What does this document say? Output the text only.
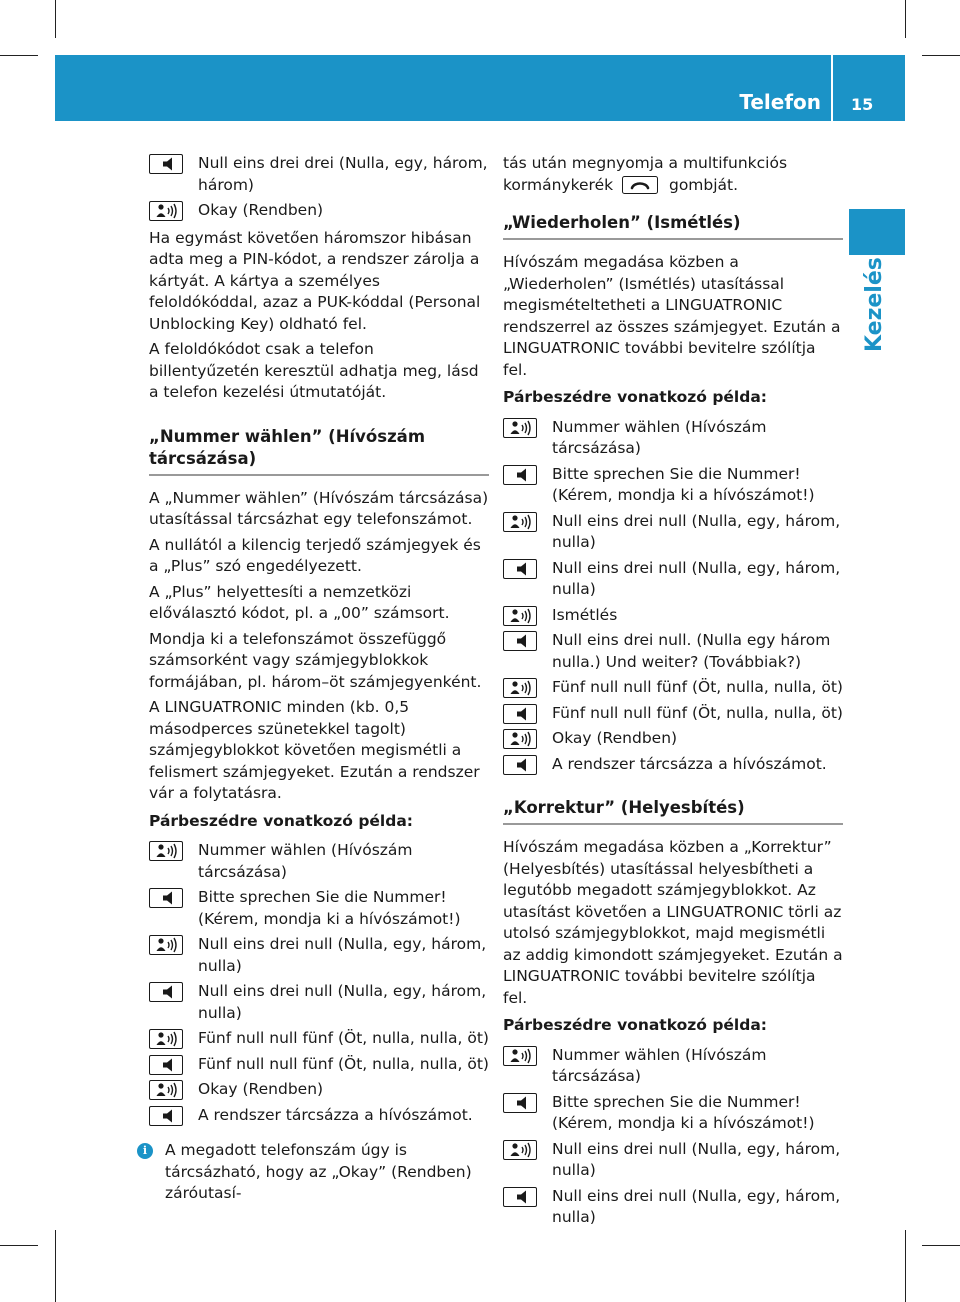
Telefon 15
Kezelés
Null eins drei drei (Nulla, egy, három, három)
Okay (Rendben)

Ha egymást követően háromszor hibásan adta meg a PIN-kódot, a rendszer zárolja a kártyát. A kártya a személyes feloldókóddal, azaz a PUK-kóddal (Personal Unblocking Key) oldható fel.

A feloldókódot csak a telefon billentyűzetén keresztül adhatja meg, lásd a telefon kezelési útmutatóját.

„Nummer wählen” (Hívószám tárcsázása)

A „Nummer wählen” (Hívószám tárcsázása) utasítással tárcsázhat egy telefonszámot.

A nullától a kilencig terjedő számjegyek és a „Plus” szó engedélyezett.

A „Plus” helyettesíti a nemzetközi előválasztó kódot, pl. a „00” számsort.

Mondja ki a telefonszámot összefüggő számsorként vagy számjegyblokkok formájában, pl. három–öt számjegyenként.

A LINGUATRONIC minden (kb. 0,5 másodperces szünetekkel tagolt) számjegyblokkot követően megismétli a felismert számjegyeket. Ezután a rendszer vár a folytatásra.

Párbeszédre vonatkozó példa:
Nummer wählen (Hívószám tárcsázása)
Bitte sprechen Sie die Nummer! (Kérem, mondja ki a hívószámot!)
Null eins drei null (Nulla, egy, három, nulla)
Null eins drei null (Nulla, egy, három, nulla)
Fünf null null fünf (Öt, nulla, nulla, öt)
Fünf null null fünf (Öt, nulla, nulla, öt)
Okay (Rendben)
A rendszer tárcsázza a hívószámot.
i	A megadott telefonszám úgy is tárcsázható, hogy az „Okay” (Rendben) záróutasí-

tás után megnyomja a multifunkciós kormánykerék	gombját.

„Wiederholen” (Ismétlés)

Hívószám megadása közben a „Wiederholen” (Ismétlés) utasítással megismételtetheti a LINGUATRONIC rendszerrel az összes számjegyet. Ezután a LINGUATRONIC további bevitelre szólítja fel.

Párbeszédre vonatkozó példa:
Nummer wählen (Hívószám tárcsázása)
Bitte sprechen Sie die Nummer! (Kérem, mondja ki a hívószámot!)
Null eins drei null (Nulla, egy, három, nulla)
Null eins drei null (Nulla, egy, három, nulla)
Ismétlés
Null eins drei null. (Nulla egy három nulla.) Und weiter? (Továbbiak?)
Fünf null null fünf (Öt, nulla, nulla, öt)
Fünf null null fünf (Öt, nulla, nulla, öt)
Okay (Rendben)
A rendszer tárcsázza a hívószámot.
„Korrektur” (Helyesbítés)

Hívószám megadása közben a „Korrektur” (Helyesbítés) utasítással helyesbítheti a legutóbb megadott számjegyblokkot. Az utasítást követően a LINGUATRONIC törli az utolsó számjegyblokkot, majd megismétli az addig kimondott számjegyeket. Ezután a LINGUATRONIC további bevitelre szólítja fel.

Párbeszédre vonatkozó példa:
Nummer wählen (Hívószám tárcsázása)
Bitte sprechen Sie die Nummer! (Kérem, mondja ki a hívószámot!)
Null eins drei null (Nulla, egy, három, nulla)
Null eins drei null (Nulla, egy, három, nulla)
